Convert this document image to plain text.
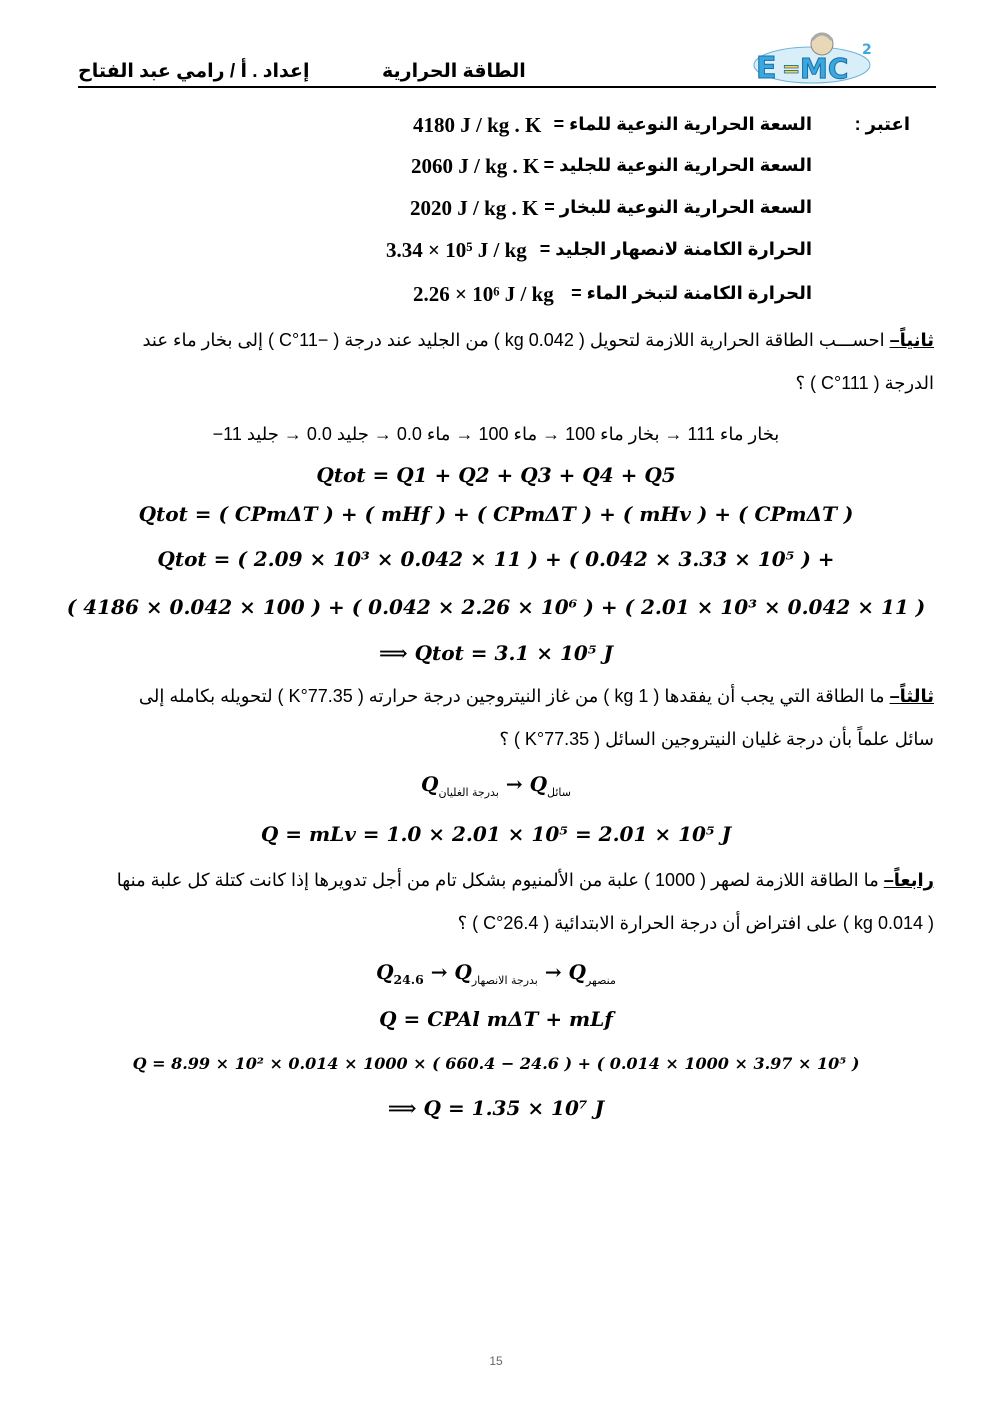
إعداد . أ / رامي عبد الفتاح	الطاقة الحرارية	E = MC
2
اعتبر :
السعة الحرارية النوعية للماء =
4180 J / kg . K
السعة الحرارية النوعية للجليد =
2060 J / kg . K
السعة الحرارية النوعية للبخار =
2020 J / kg . K
الحرارة الكامنة لانصهار الجليد =
3.34 × 10⁵ J / kg
الحرارة الكامنة لتبخر الماء =
2.26 × 10⁶ J / kg
ثانياً– احســـب الطاقة الحرارية اللازمة لتحويل ( 0.042 kg ) من الجليد عند درجة ( −11°C ) إلى بخار ماء عند
الدرجة ( 111°C ) ؟
بخار ماء 111 → بخار ماء 100 → ماء 100 → ماء 0.0 → جليد 0.0 → جليد 11−
Qtot = Q1 + Q2 + Q3 + Q4 + Q5
Qtot = ( CPmΔT ) + ( mHf ) + ( CPmΔT ) + ( mHv ) + ( CPmΔT )
Qtot = ( 2.09 × 10³ × 0.042 × 11 ) + ( 0.042 × 3.33 × 10⁵ ) +
( 4186 × 0.042 × 100 ) + ( 0.042 × 2.26 × 10⁶ ) + ( 2.01 × 10³ × 0.042 × 11 )
⟹ Qtot = 3.1 × 10⁵ J
ثالثاً– ما الطاقة التي يجب أن يفقدها ( 1 kg ) من غاز النيتروجين درجة حرارته ( 77.35°K ) لتحويله بكامله إلى
سائل علماً بأن درجة غليان النيتروجين السائل ( 77.35°K ) ؟
$Q_{بدرجة الغليان} \to Q_{سائل}$
Q = mLv = 1.0 × 2.01 × 10⁵ = 2.01 × 10⁵ J
رابعاً– ما الطاقة اللازمة لصهر ( 1000 ) علبة من الألمنيوم بشكل تام من أجل تدويرها إذا كانت كتلة كل علبة منها
( 0.014 kg ) على افتراض أن درجة الحرارة الابتدائية ( 26.4°C ) ؟
$Q_{24.6} \to Q_{بدرجة الانصهار} \to Q_{منصهر}$
Q = CPAl mΔT + mLf
Q = 8.99 × 10² × 0.014 × 1000 × ( 660.4 − 24.6 ) + ( 0.014 × 1000 × 3.97 × 10⁵ )
⟹ Q = 1.35 × 10⁷ J
15
